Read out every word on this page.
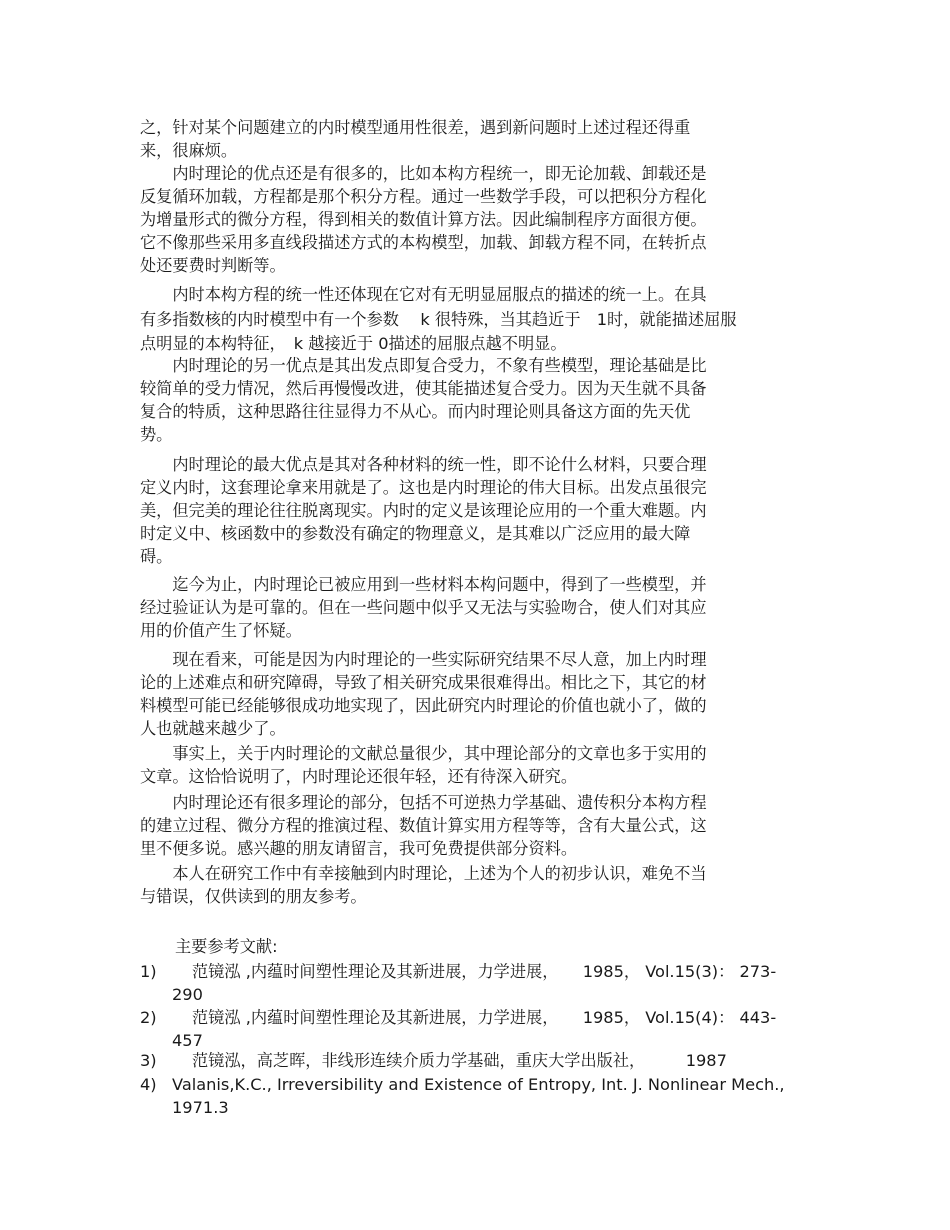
之，针对某个问题建立的内时模型通用性很差，遇到新问题时上述过程还得重
来，很麻烦。
　　内时理论的优点还是有很多的，比如本构方程统一，即无论加载、卸载还是
反复循环加载，方程都是那个积分方程。通过一些数学手段，可以把积分方程化
为增量形式的微分方程，得到相关的数值计算方法。因此编制程序方面很方便。
它不像那些采用多直线段描述方式的本构模型，加载、卸载方程不同，在转折点
处还要费时判断等。
　　内时本构方程的统一性还体现在它对有无明显屈服点的描述的统一上。在具
有多指数核的内时模型中有一个参数　 k 很特殊，当其趋近于　1时，就能描述屈服
点明显的本构特征，　k 越接近于 0描述的屈服点越不明显。
　　内时理论的另一优点是其出发点即复合受力，不象有些模型，理论基础是比
较简单的受力情况，然后再慢慢改进，使其能描述复合受力。因为天生就不具备
复合的特质，这种思路往往显得力不从心。而内时理论则具备这方面的先天优
势。
　　内时理论的最大优点是其对各种材料的统一性，即不论什么材料，只要合理
定义内时，这套理论拿来用就是了。这也是内时理论的伟大目标。出发点虽很完
美，但完美的理论往往脱离现实。内时的定义是该理论应用的一个重大难题。内
时定义中、核函数中的参数没有确定的物理意义，是其难以广泛应用的最大障
碍。
　　迄今为止，内时理论已被应用到一些材料本构问题中，得到了一些模型，并
经过验证认为是可靠的。但在一些问题中似乎又无法与实验吻合，使人们对其应
用的价值产生了怀疑。
　　现在看来，可能是因为内时理论的一些实际研究结果不尽人意，加上内时理
论的上述难点和研究障碍，导致了相关研究成果很难得出。相比之下，其它的材
料模型可能已经能够很成功地实现了，因此研究内时理论的价值也就小了，做的
人也就越来越少了。
　　事实上，关于内时理论的文献总量很少，其中理论部分的文章也多于实用的
文章。这恰恰说明了，内时理论还很年轻，还有待深入研究。
　　内时理论还有很多理论的部分，包括不可逆热力学基础、遗传积分本构方程
的建立过程、微分方程的推演过程、数值计算实用方程等等，含有大量公式，这
里不便多说。感兴趣的朋友请留言，我可免费提供部分资料。
　　本人在研究工作中有幸接触到内时理论，上述为个人的初步认识，难免不当
与错误，仅供读到的朋友参考。
主要参考文献:
1) 范镜泓 ,内蕴时间塑性理论及其新进展，力学进展，　　1985， Vol.15(3)： 273-
290
2) 范镜泓 ,内蕴时间塑性理论及其新进展，力学进展，　　1985， Vol.15(4)： 443-
457
3) 范镜泓，高芝晖，非线形连续介质力学基础，重庆大学出版社，　　　1987
4) Valanis,K.C., Irreversibility and Existence of Entropy, Int. J. Nonlinear Mech.,
1971.3
